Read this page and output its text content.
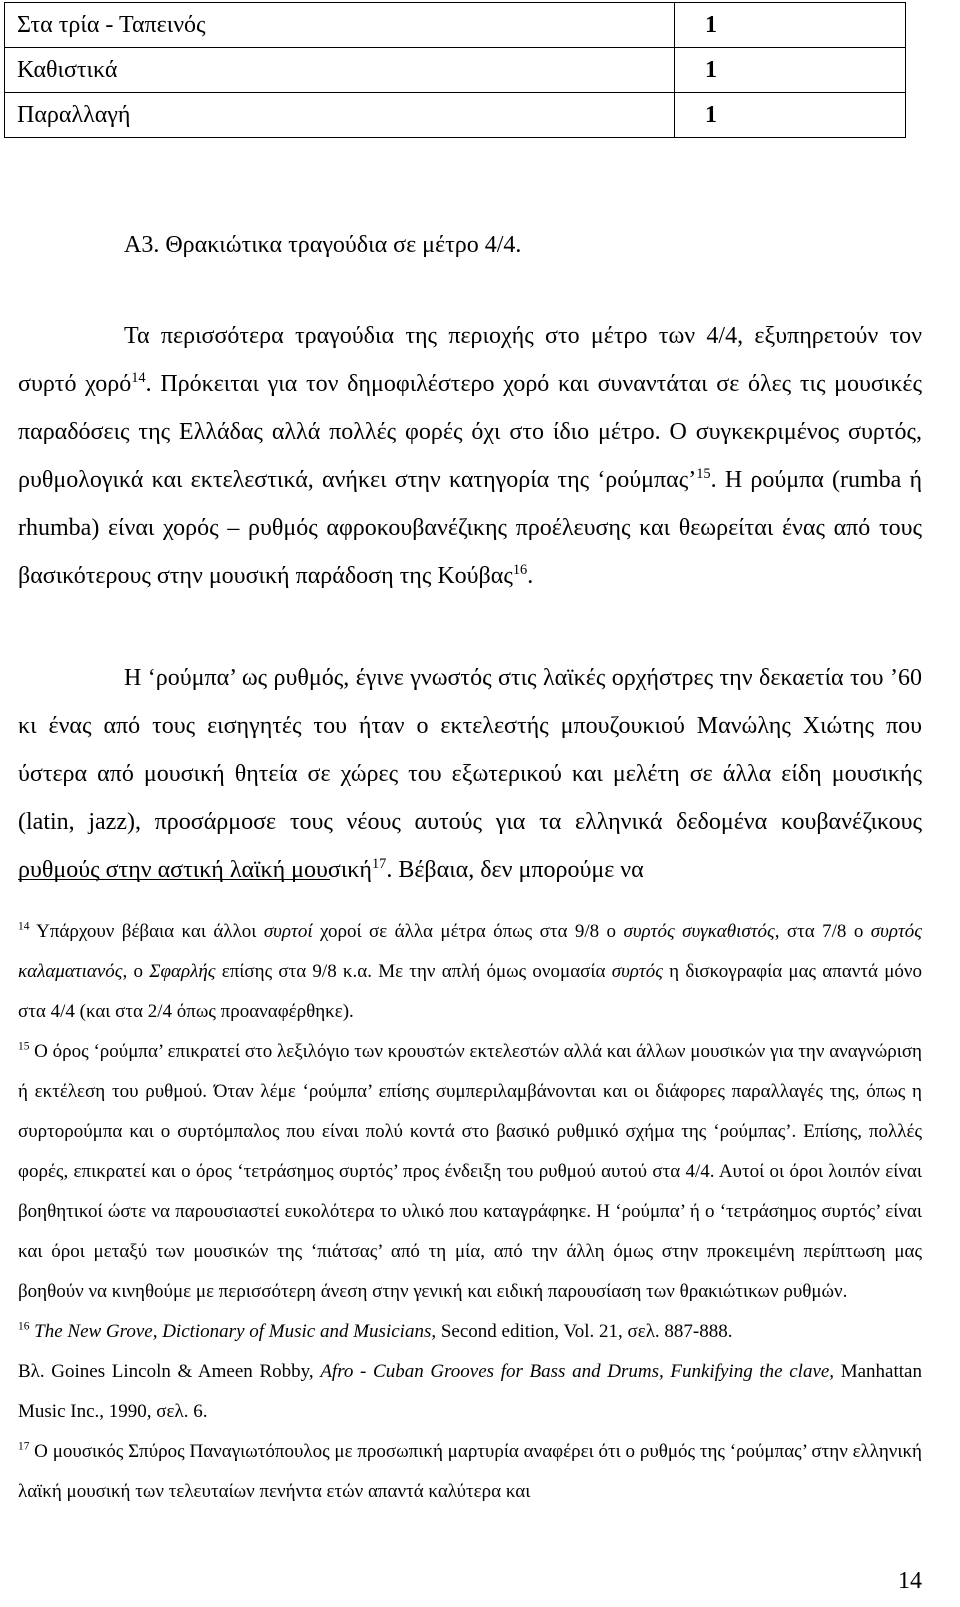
Στα τρία - Ταπεινός	1
Καθιστικά	1
Παραλλαγή	1
Α3. Θρακιώτικα τραγούδια σε μέτρο 4/4.

Τα περισσότερα τραγούδια της περιοχής στο μέτρο των 4/4, εξυπηρετούν τον συρτό χορό$^{14}$. Πρόκειται για τον δημοφιλέστερο χορό και συναντάται σε όλες τις μουσικές παραδόσεις της Ελλάδας αλλά πολλές φορές όχι στο ίδιο μέτρο. Ο συγκεκριμένος συρτός, ρυθμολογικά και εκτελεστικά, ανήκει στην κατηγορία της ‘ρούμπας’$^{15}$. Η ρούμπα (rumba ή rhumba) είναι χορός – ρυθμός αφροκουβανέζικης προέλευσης και θεωρείται ένας από τους βασικότερους στην μουσική παράδοση της Κούβας$^{16}$.

Η ‘ρούμπα’ ως ρυθμός, έγινε γνωστός στις λαϊκές ορχήστρες την δεκαετία του ’60 κι ένας από τους εισηγητές του ήταν ο εκτελεστής μπουζουκιού Μανώλης Χιώτης που ύστερα από μουσική θητεία σε χώρες του εξωτερικού και μελέτη σε άλλα είδη μουσικής (latin, jazz), προσάρμοσε τους νέους αυτούς για τα ελληνικά δεδομένα κουβανέζικους ρυθμούς στην αστική λαϊκή μουσική$^{17}$. Βέβαια, δεν μπορούμε να

$^{14}$ Υπάρχουν βέβαια και άλλοι συρτοί χοροί σε άλλα μέτρα όπως στα 9/8 ο συρτός συγκαθιστός, στα 7/8 ο συρτός καλαματιανός, ο Σφαρλής επίσης στα 9/8 κ.α. Με την απλή όμως ονομασία συρτός η δισκογραφία μας απαντά μόνο στα 4/4 (και στα 2/4 όπως προαναφέρθηκε).

$^{15}$ Ο όρος ‘ρούμπα’ επικρατεί στο λεξιλόγιο των κρουστών εκτελεστών αλλά και άλλων μουσικών για την αναγνώριση ή εκτέλεση του ρυθμού. Όταν λέμε ‘ρούμπα’ επίσης συμπεριλαμβάνονται και οι διάφορες παραλλαγές της, όπως η συρτορούμπα και ο συρτόμπαλος που είναι πολύ κοντά στο βασικό ρυθμικό σχήμα της ‘ρούμπας’. Επίσης, πολλές φορές, επικρατεί και ο όρος ‘τετράσημος συρτός’ προς ένδειξη του ρυθμού αυτού στα 4/4. Αυτοί οι όροι λοιπόν είναι βοηθητικοί ώστε να παρουσιαστεί ευκολότερα το υλικό που καταγράφηκε. Η ‘ρούμπα’ ή ο ‘τετράσημος συρτός’ είναι και όροι μεταξύ των μουσικών της ‘πιάτσας’ από τη μία, από την άλλη όμως στην προκειμένη περίπτωση μας βοηθούν να κινηθούμε με περισσότερη άνεση στην γενική και ειδική παρουσίαση των θρακιώτικων ρυθμών.

$^{16}$ The New Grove, Dictionary of Music and Musicians, Second edition, Vol. 21, σελ. 887-888.

Βλ. Goines Lincoln & Ameen Robby, Afro - Cuban Grooves for Bass and Drums, Funkifying the clave, Manhattan Music Inc., 1990, σελ. 6.

$^{17}$ Ο μουσικός Σπύρος Παναγιωτόπουλος με προσωπική μαρτυρία αναφέρει ότι ο ρυθμός της ‘ρούμπας’ στην ελληνική λαϊκή μουσική των τελευταίων πενήντα ετών απαντά καλύτερα και

14
